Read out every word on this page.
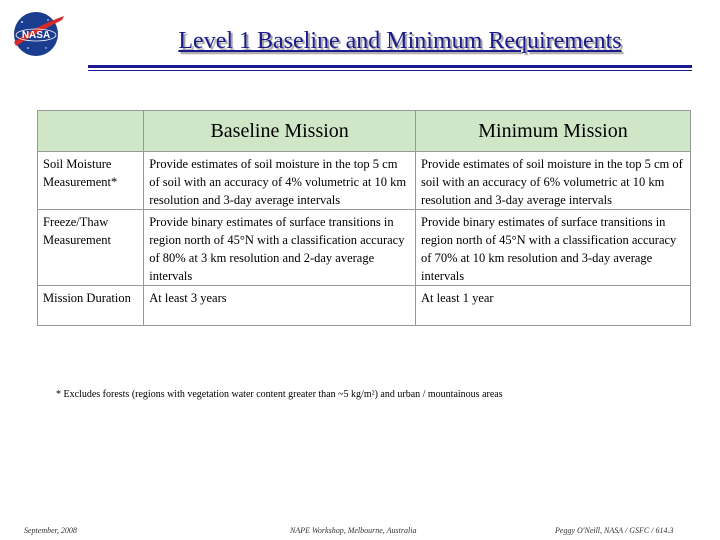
NASA	Level 1 Baseline and Minimum Requirements
	Baseline Mission	Minimum Mission
Soil Moisture Measurement*	Provide estimates of soil moisture in the top 5 cm of soil with an accuracy of 4% volumetric at 10 km resolution and 3-day average intervals	Provide estimates of soil moisture in the top 5 cm of soil with an accuracy of 6% volumetric at 10 km resolution and 3-day average intervals
Freeze/Thaw Measurement	Provide binary estimates of surface transitions in region north of 45°N with a classification accuracy of 80% at 3 km resolution and 2-day average intervals	Provide binary estimates of surface transitions in region north of 45°N with a classification accuracy of 70% at 10 km resolution and 3-day average intervals
Mission Duration	At least 3 years	At least 1 year
* Excludes forests (regions with vegetation water content greater than ~5 kg/m²) and urban / mountainous areas
September, 2008	NAPE Workshop, Melbourne, Australia	Peggy O'Neill, NASA / GSFC / 614.3
